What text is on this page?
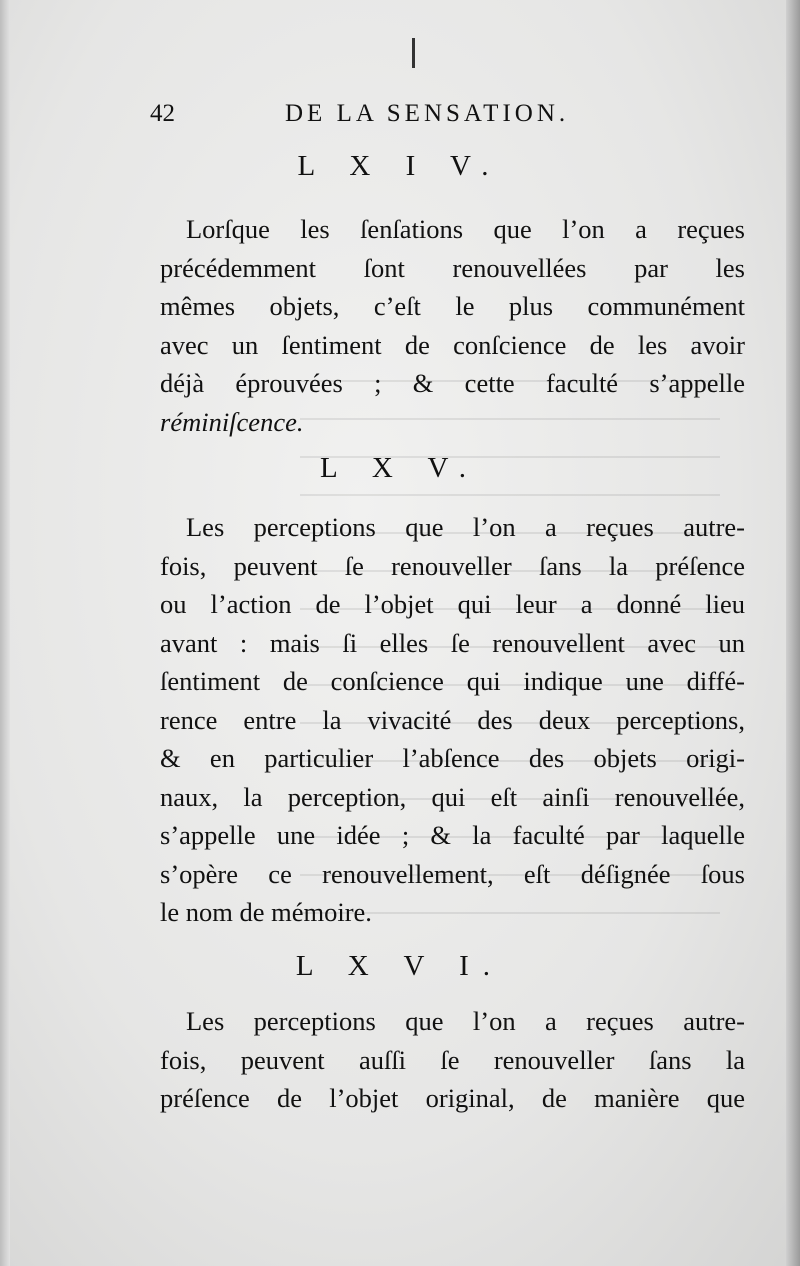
42	DE LA SENSATION.
L X I V.
Lorſque les ſenſations que l’on a reçues
précédemment ſont renouvellées par les
mêmes objets, c’eſt le plus communément
avec un ſentiment de conſcience de les avoir
déjà éprouvées ; & cette faculté s’appelle
réminiſcence.
L X V.
Les perceptions que l’on a reçues autre-
fois, peuvent ſe renouveller ſans la préſence
ou l’action de l’objet qui leur a donné lieu
avant : mais ſi elles ſe renouvellent avec un
ſentiment de conſcience qui indique une diffé-
rence entre la vivacité des deux perceptions,
& en particulier l’abſence des objets origi-
naux, la perception, qui eſt ainſi renouvellée,
s’appelle une idée ; & la faculté par laquelle
s’opère ce renouvellement, eſt déſignée ſous
le nom de mémoire.
L X V I.
Les perceptions que l’on a reçues autre-
fois, peuvent auſſi ſe renouveller ſans la
préſence de l’objet original, de manière que
